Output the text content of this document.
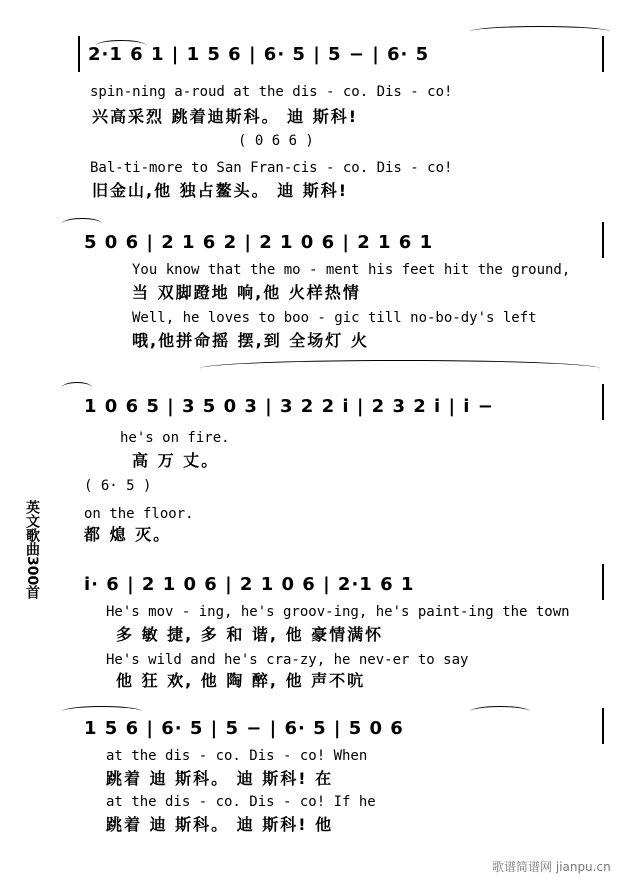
2·1 6 1 | 1 5 6 | 6· 5 | 5 − | 6· 5
spin-ning a-roud at the dis - co. Dis - co!
兴高采烈 跳着迪斯科。 迪 斯科!
( 0 6 6 )
Bal-ti-more to San Fran-cis - co. Dis - co!
旧金山,他 独占鳌头。 迪 斯科!
5 0 6 | 2 1 6 2 | 2 1 0 6 | 2 1 6 1
You know that the mo - ment his feet hit the ground,
当 双脚蹬地 响,他 火样热情
Well, he loves to boo - gic till no-bo-dy's left
哦,他拼命摇 摆,到 全场灯 火
1 0 6 5 | 3 5 0 3 | 3 2 2 i | 2 3 2 i | i −
he's on fire.
高 万 丈。
( 6· 5 )
on the floor.
都 熄 灭。
i· 6 | 2 1 0 6 | 2 1 0 6 | 2·1 6 1
He's mov - ing, he's groov-ing, he's paint-ing the town
多 敏 捷, 多 和 谐, 他 豪情满怀
He's wild and he's cra-zy, he nev-er to say
他 狂 欢, 他 陶 醉, 他 声不吭
1 5 6 | 6· 5 | 5 − | 6· 5 | 5 0 6
at the dis - co. Dis - co! When
跳着 迪 斯科。 迪 斯科! 在
at the dis - co. Dis - co! If he
跳着 迪 斯科。 迪 斯科! 他
英文歌曲300首
歌谱简谱网 jianpu.cn
